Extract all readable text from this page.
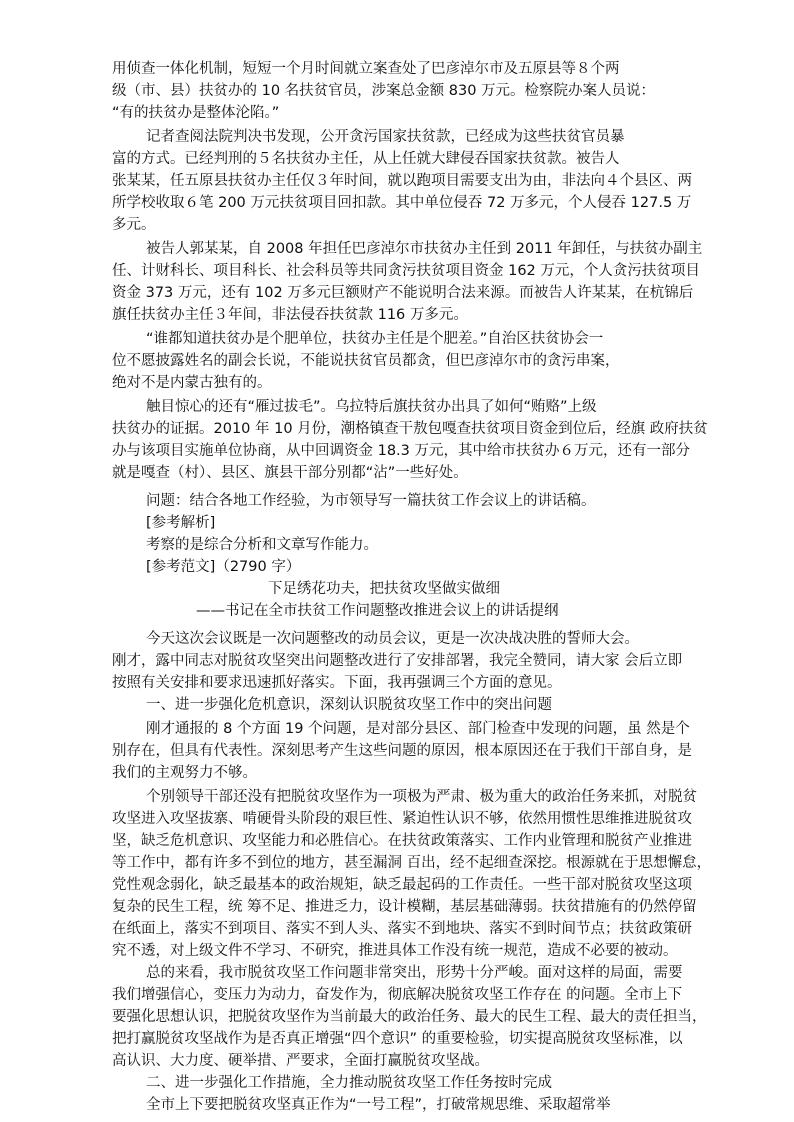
用侦查一体化机制，短短一个月时间就立案查处了巴彦淖尔市及五原县等８个两
级（市、县）扶贫办的 10 名扶贫官员，涉案总金额 830 万元。检察院办案人员说：
“有的扶贫办是整体沦陷。”
记者查阅法院判决书发现，公开贪污国家扶贫款，已经成为这些扶贫官员暴
富的方式。已经判刑的５名扶贫办主任，从上任就大肆侵吞国家扶贫款。被告人
张某某，任五原县扶贫办主任仅３年时间，就以跑项目需要支出为由，非法向４个县区、两
所学校收取６笔 200 万元扶贫项目回扣款。其中单位侵吞 72 万多元，个人侵吞 127.5 万
多元。
被告人郭某某，自 2008 年担任巴彦淖尔市扶贫办主任到 2011 年卸任，与扶贫办副主
任、计财科长、项目科长、社会科员等共同贪污扶贫项目资金 162 万元，个人贪污扶贫项目
资金 373 万元，还有 102 万多元巨额财产不能说明合法来源。而被告人许某某，在杭锦后
旗任扶贫办主任３年间，非法侵吞扶贫款 116 万多元。
“谁都知道扶贫办是个肥单位，扶贫办主任是个肥差。”自治区扶贫协会一
位不愿披露姓名的副会长说，不能说扶贫官员都贪，但巴彦淖尔市的贪污串案，
绝对不是内蒙古独有的。
触目惊心的还有“雁过拔毛”。乌拉特后旗扶贫办出具了如何“贿赂”上级
扶贫办的证据。2010 年 10 月份，潮格镇查干敖包嘎查扶贫项目资金到位后，经旗 政府扶贫
办与该项目实施单位协商，从中回调资金 18.3 万元，其中给市扶贫办６万元，还有一部分
就是嘎查（村）、县区、旗县干部分别都“沾”一些好处。
问题：结合各地工作经验，为市领导写一篇扶贫工作会议上的讲话稿。
[参考解析]
考察的是综合分析和文章写作能力。
[参考范文]（2790 字）
下足绣花功夫，把扶贫攻坚做实做细
——书记在全市扶贫工作问题整改推进会议上的讲话提纲
今天这次会议既是一次问题整改的动员会议，更是一次决战决胜的誓师大会。
刚才，露中同志对脱贫攻坚突出问题整改进行了安排部署，我完全赞同，请大家 会后立即
按照有关安排和要求迅速抓好落实。下面，我再强调三个方面的意见。
一、进一步强化危机意识，深刻认识脱贫攻坚工作中的突出问题
刚才通报的 8 个方面 19 个问题，是对部分县区、部门检查中发现的问题，虽 然是个
别存在，但具有代表性。深刻思考产生这些问题的原因，根本原因还在于我们干部自身，是
我们的主观努力不够。
个别领导干部还没有把脱贫攻坚作为一项极为严肃、极为重大的政治任务来抓，对脱贫
攻坚进入攻坚拔寨、啃硬骨头阶段的艰巨性、紧迫性认识不够，依然用惯性思维推进脱贫攻
坚，缺乏危机意识、攻坚能力和必胜信心。在扶贫政策落实、工作内业管理和脱贫产业推进
等工作中，都有许多不到位的地方，甚至漏洞 百出，经不起细查深挖。根源就在于思想懈怠，
党性观念弱化，缺乏最基本的政治规矩，缺乏最起码的工作责任。一些干部对脱贫攻坚这项
复杂的民生工程，统 筹不足、推进乏力，设计模糊，基层基础薄弱。扶贫措施有的仍然停留
在纸面上，落实不到项目、落实不到人头、落实不到地块、落实不到时间节点；扶贫政策研
究不透，对上级文件不学习、不研究，推进具体工作没有统一规范，造成不必要的被动。
总的来看，我市脱贫攻坚工作问题非常突出，形势十分严峻。面对这样的局面，需要
我们增强信心，变压力为动力，奋发作为，彻底解决脱贫攻坚工作存在 的问题。全市上下
要强化思想认识，把脱贫攻坚作为当前最大的政治任务、最大的民生工程、最大的责任担当，
把打赢脱贫攻坚战作为是否真正增强“四个意识” 的重要检验，切实提高脱贫攻坚标准，以
高认识、大力度、硬举措、严要求，全面打赢脱贫攻坚战。
二、进一步强化工作措施，全力推动脱贫攻坚工作任务按时完成
全市上下要把脱贫攻坚真正作为“一号工程”，打破常规思维、采取超常举
